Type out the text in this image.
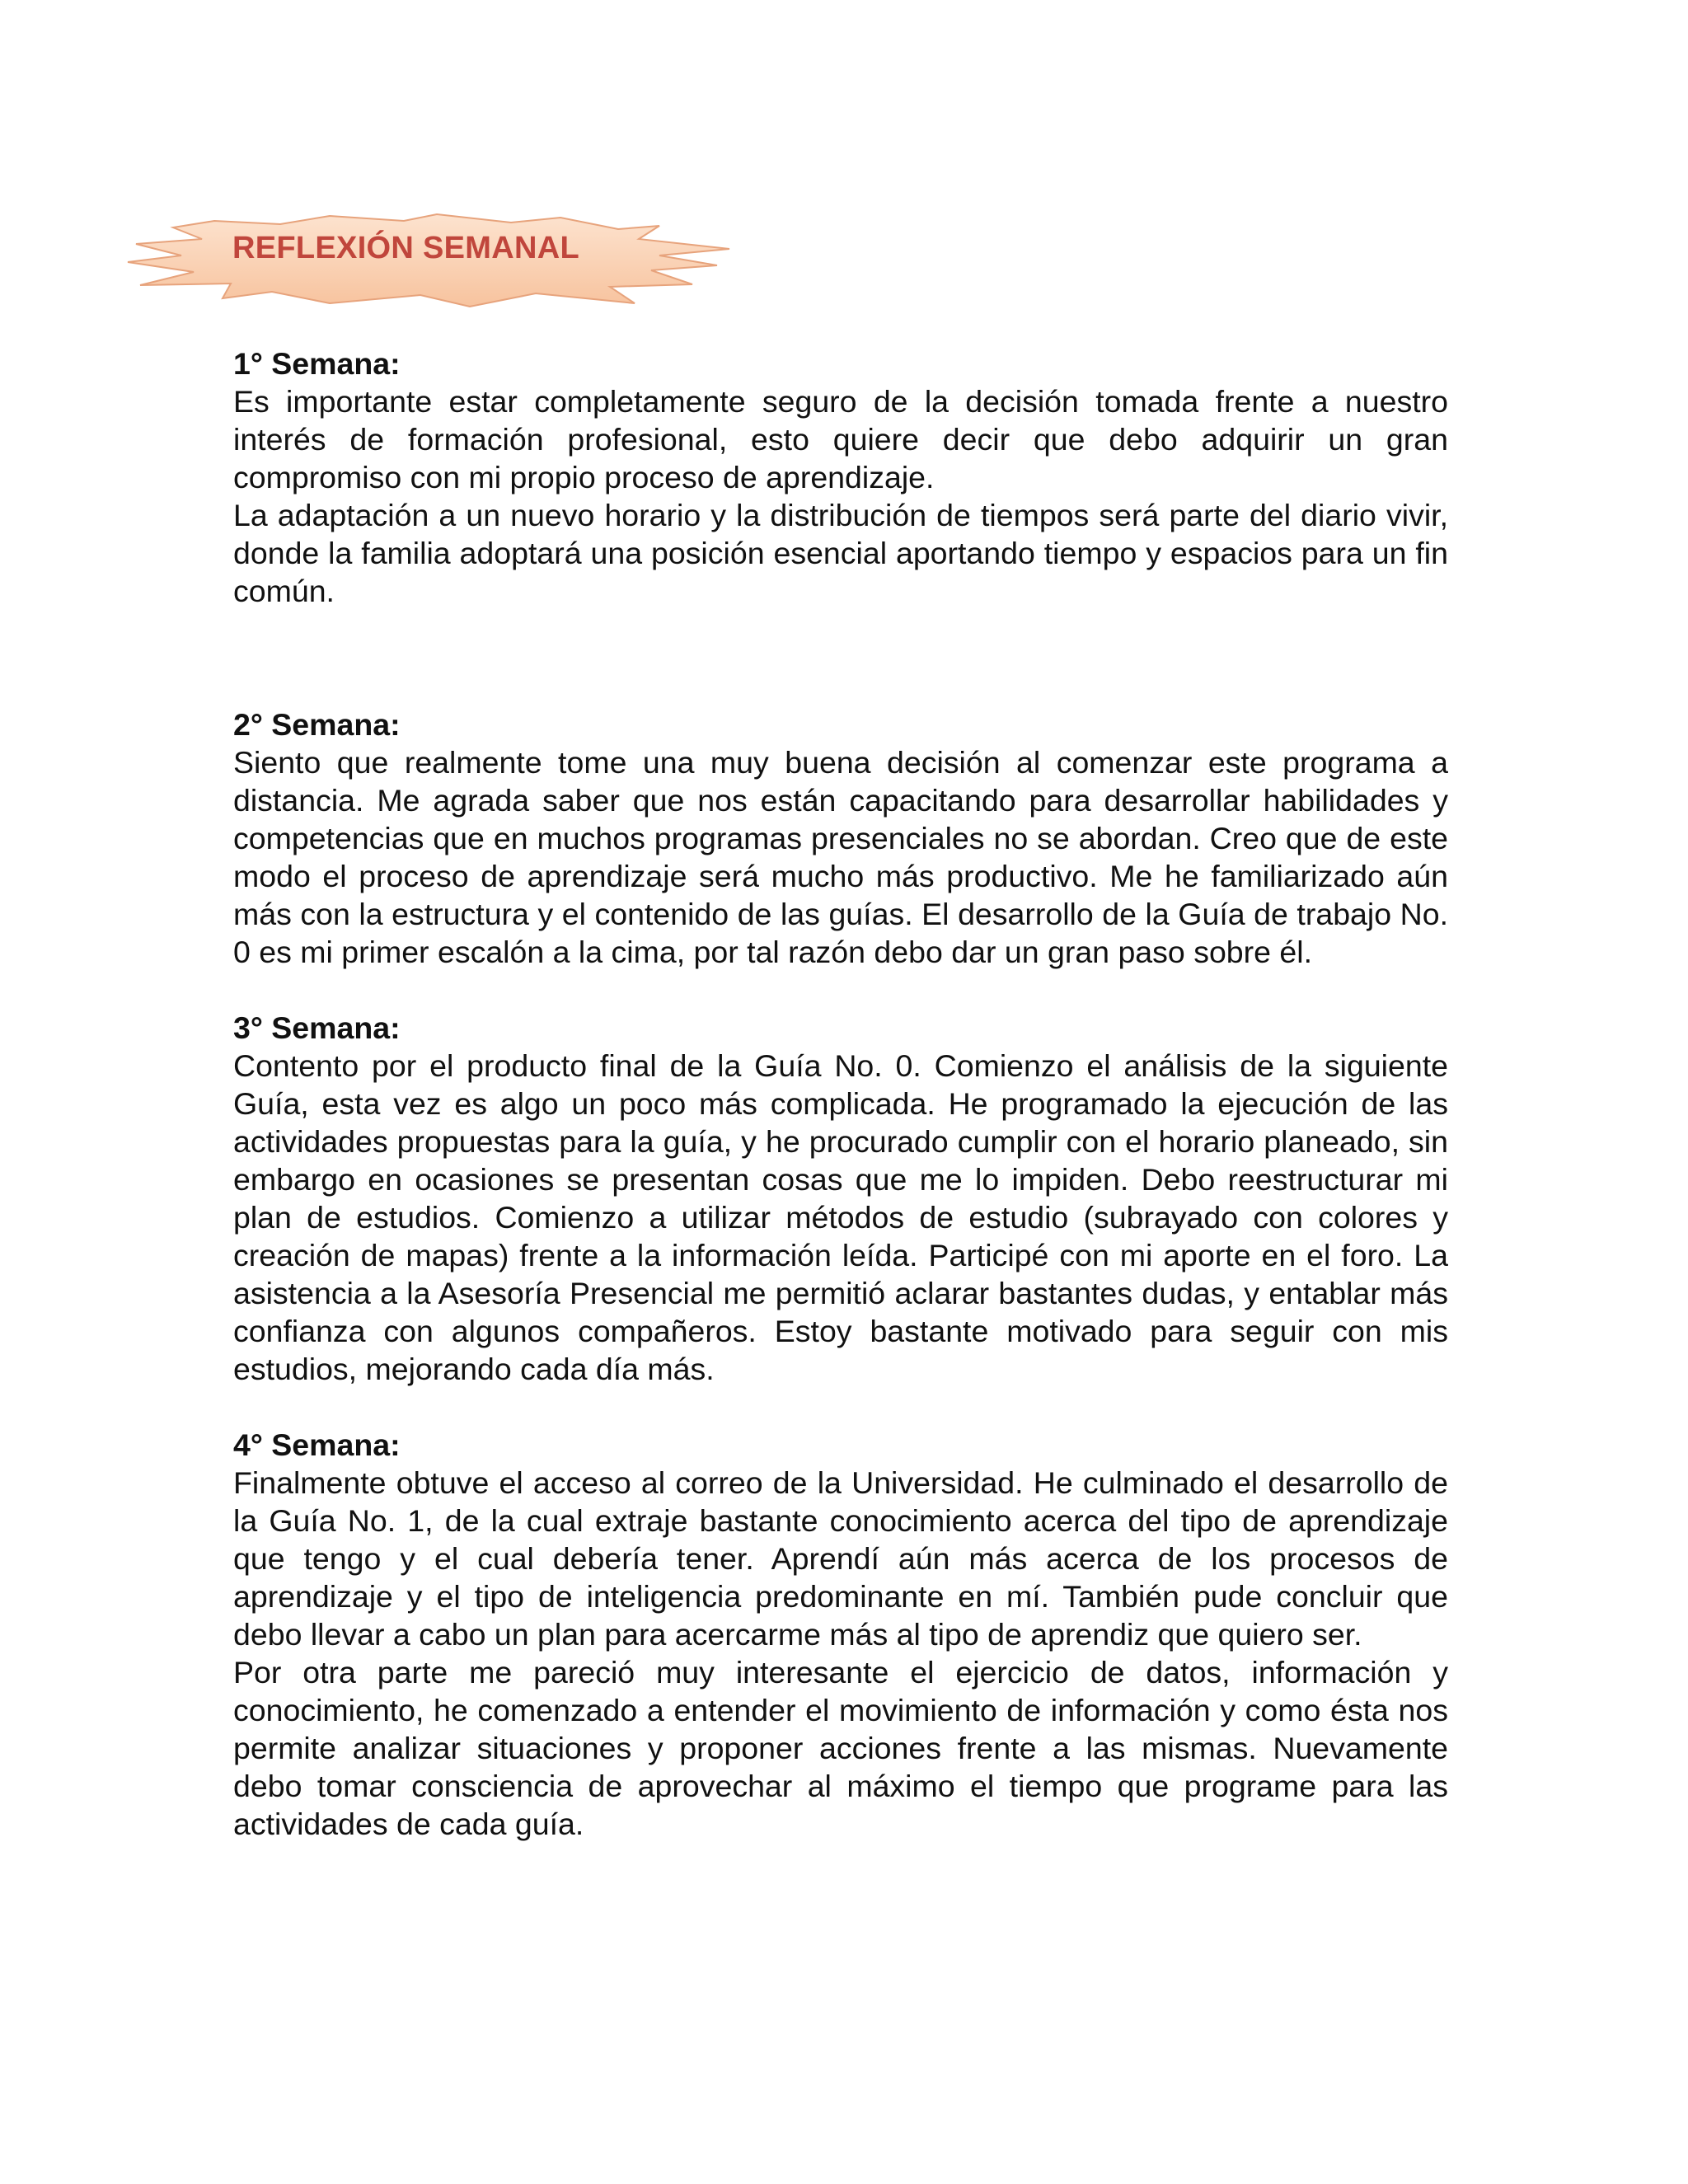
REFLEXIÓN SEMANAL

1° Semana:

Es importante estar completamente seguro de la decisión tomada frente a nuestro interés de formación profesional, esto quiere decir que debo adquirir un gran compromiso con mi propio proceso de aprendizaje.

La adaptación a un nuevo horario y la distribución de tiempos será parte del diario vivir, donde la familia adoptará una posición esencial aportando tiempo y espacios para un fin común.

2° Semana:

Siento que realmente tome una muy buena decisión al comenzar este programa a distancia. Me agrada saber que nos están capacitando para desarrollar habilidades y competencias que en muchos programas presenciales no se abordan. Creo que de este modo el proceso de aprendizaje será mucho más productivo. Me he familiarizado aún más con la estructura y el contenido de las guías. El desarrollo de la Guía de trabajo No. 0 es mi primer escalón a la cima, por tal razón debo dar un gran paso sobre él.

3° Semana:

Contento por el producto final de la Guía No. 0. Comienzo el análisis de la siguiente Guía, esta vez es algo un poco más complicada. He programado la ejecución de las actividades propuestas para la guía, y he procurado cumplir con el horario planeado, sin embargo en ocasiones se presentan cosas que me lo impiden. Debo reestructurar mi plan de estudios. Comienzo a utilizar métodos de estudio (subrayado con colores y creación de mapas) frente a la información leída. Participé con mi aporte en el foro. La asistencia a la Asesoría Presencial me permitió aclarar bastantes dudas, y entablar más confianza con algunos compañeros. Estoy bastante motivado para seguir con mis estudios, mejorando cada día más.

4° Semana:

Finalmente obtuve el acceso al correo de la Universidad. He culminado el desarrollo de la Guía No. 1, de la cual extraje bastante conocimiento acerca del tipo de aprendizaje que tengo y el cual debería tener. Aprendí aún más acerca de los procesos de aprendizaje y el tipo de inteligencia predominante en mí. También pude concluir que debo llevar a cabo un plan para acercarme más al tipo de aprendiz que quiero ser.

Por otra parte me pareció muy interesante el ejercicio de datos, información y conocimiento, he comenzado a entender el movimiento de información y como ésta nos permite analizar situaciones y proponer acciones frente a las mismas. Nuevamente debo tomar consciencia de aprovechar al máximo el tiempo que programe para las actividades de cada guía.
